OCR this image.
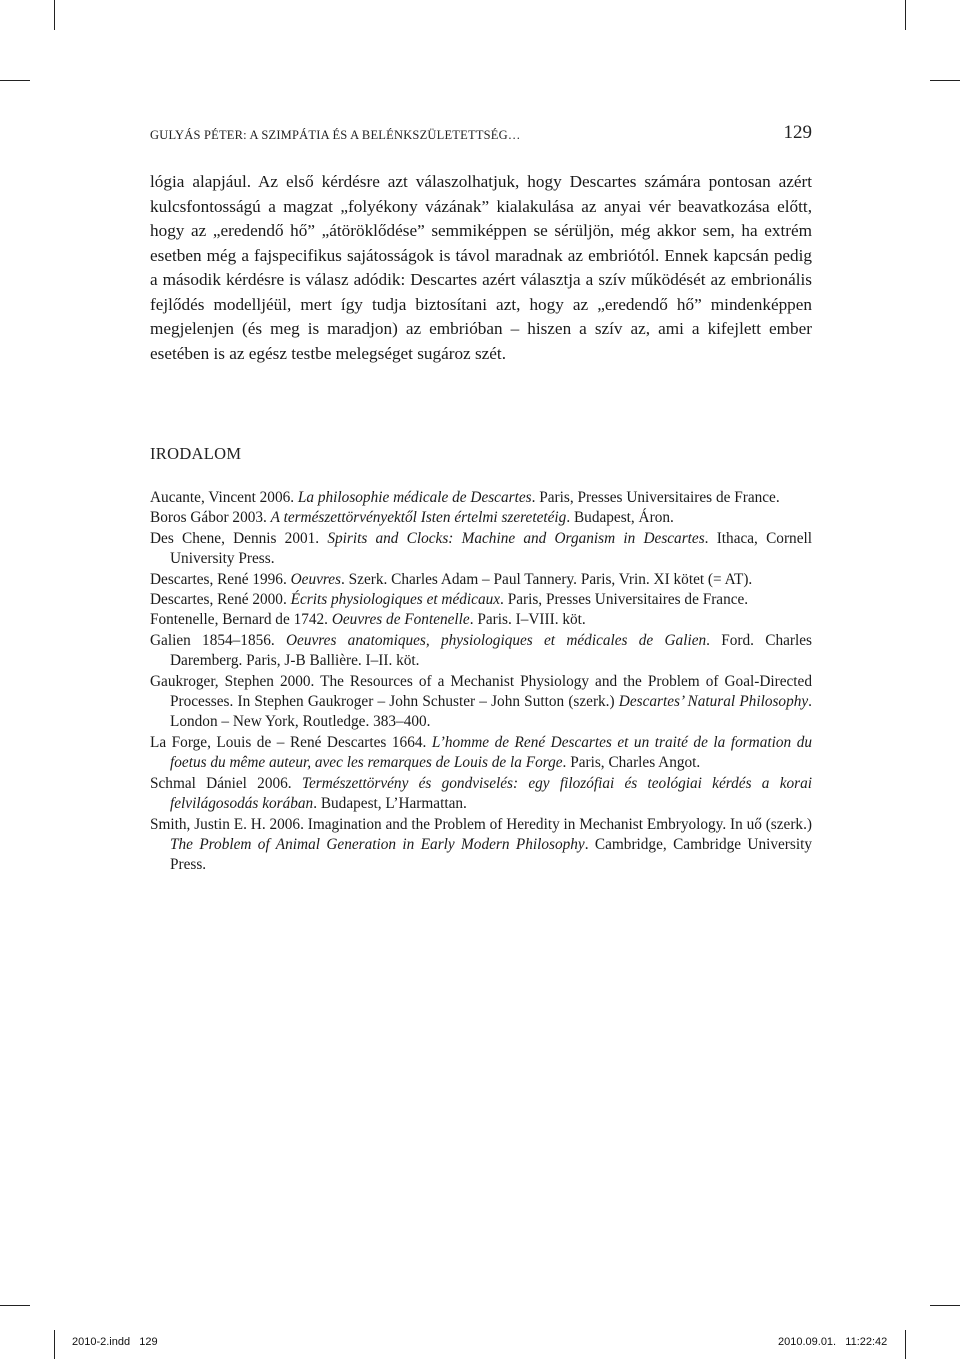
GULYÁS PÉTER: A SZIMPÁTIA ÉS A BELÉNKSZÜLETETTSÉG…	129

lógia alapjául. Az első kérdésre azt válaszolhatjuk, hogy Descartes számára pontosan azért kulcsfontosságú a magzat „folyékony vázának” kialakulása az anyai vér beavatkozása előtt, hogy az „eredendő hő” „átöröklődése” semmiképpen se sérüljön, még akkor sem, ha extrém esetben még a fajspecifikus sajátosságok is távol maradnak az embriótól. Ennek kapcsán pedig a második kérdésre is válasz adódik: Descartes azért választja a szív működését az embrionális fejlődés modelljéül, mert így tudja biztosítani azt, hogy az „eredendő hő” mindenképpen megjelenjen (és meg is maradjon) az embrióban – hiszen a szív az, ami a kifejlett ember esetében is az egész testbe melegséget sugároz szét.

IRODALOM

Aucante, Vincent 2006. La philosophie médicale de Descartes. Paris, Presses Universitaires de France.

Boros Gábor 2003. A természettörvényektől Isten értelmi szeretetéig. Budapest, Áron.

Des Chene, Dennis 2001. Spirits and Clocks: Machine and Organism in Descartes. Ithaca, Cornell University Press.

Descartes, René 1996. Oeuvres. Szerk. Charles Adam – Paul Tannery. Paris, Vrin. XI kötet (= AT).

Descartes, René 2000. Écrits physiologiques et médicaux. Paris, Presses Universitaires de France.

Fontenelle, Bernard de 1742. Oeuvres de Fontenelle. Paris. I–VIII. köt.

Galien 1854–1856. Oeuvres anatomiques, physiologiques et médicales de Galien. Ford. Charles Daremberg. Paris, J-B Ballière. I–II. köt.

Gaukroger, Stephen 2000. The Resources of a Mechanist Physiology and the Problem of Goal-Directed Processes. In Stephen Gaukroger – John Schuster – John Sutton (szerk.) Descartes’ Natural Philosophy. London – New York, Routledge. 383–400.

La Forge, Louis de – René Descartes 1664. L’homme de René Descartes et un traité de la formation du foetus du même auteur, avec les remarques de Louis de la Forge. Paris, Charles Angot.

Schmal Dániel 2006. Természettörvény és gondviselés: egy filozófiai és teológiai kérdés a korai felvilágosodás korában. Budapest, L’Harmattan.

Smith, Justin E. H. 2006. Imagination and the Problem of Heredity in Mechanist Embryology. In uő (szerk.) The Problem of Animal Generation in Early Modern Philosophy. Cambridge, Cambridge University Press.

2010-2.indd   129	2010.09.01.   11:22:42
